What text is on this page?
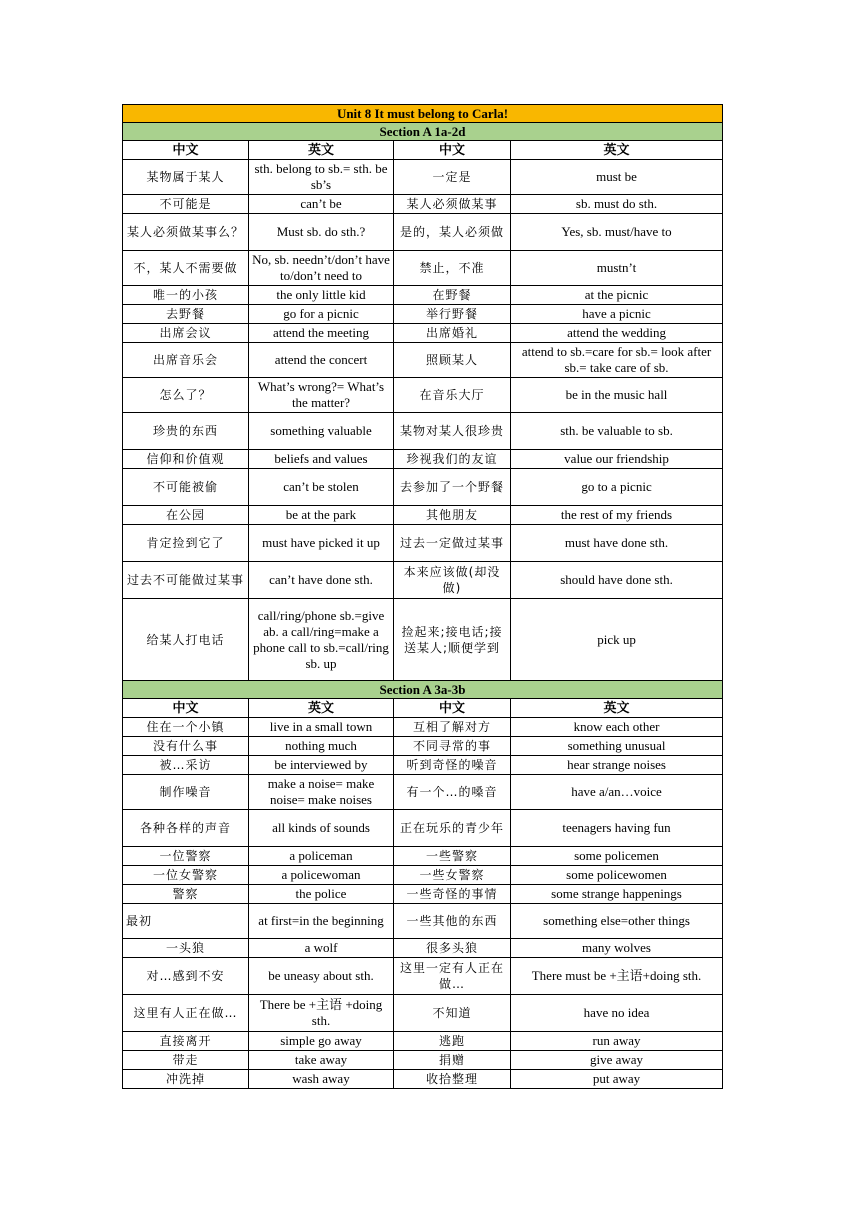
Unit 8 It must belong to Carla!			
Section A 1a-2d			
中文	英文	中文	英文
某物属于某人	sth. belong to sb.= sth. be sb’s	一定是	must be
不可能是	can’t be	某人必须做某事	sb. must do sth.
某人必须做某事么？	Must sb. do sth.?	是的，某人必须做	Yes, sb. must/have to
不，某人不需要做	No, sb. needn’t/don’t have to/don’t need to	禁止，不准	mustn’t
唯一的小孩	the only little kid	在野餐	at the picnic
去野餐	go for a picnic	举行野餐	have a picnic
出席会议	attend the meeting	出席婚礼	attend the wedding
出席音乐会	attend the concert	照顾某人	attend to sb.=care for sb.= look after sb.= take care of sb.
怎么了？	What’s wrong?= What’s the matter?	在音乐大厅	be in the music hall
珍贵的东西	something valuable	某物对某人很珍贵	sth. be valuable to sb.
信仰和价值观	beliefs and values	珍视我们的友谊	value our friendship
不可能被偷	can’t be stolen	去参加了一个野餐	go to a picnic
在公园	be at the park	其他朋友	the rest of my friends
肯定捡到它了	must have picked it up	过去一定做过某事	must have done sth.
过去不可能做过某事	can’t have done sth.	本来应该做(却没做)	should have done sth.
给某人打电话	call/ring/phone sb.=give ab. a call/ring=make a phone call to sb.=call/ring sb. up	捡起来;接电话;接送某人;顺便学到	pick up
Section A 3a-3b			
中文	英文	中文	英文
住在一个小镇	live in a small town	互相了解对方	know each other
没有什么事	nothing much	不同寻常的事	something unusual
被…采访	be interviewed by	听到奇怪的噪音	hear strange noises
制作噪音	make a noise= make noise= make noises	有一个…的嗓音	have a/an…voice
各种各样的声音	all kinds of sounds	正在玩乐的青少年	teenagers having fun
一位警察	a policeman	一些警察	some policemen
一位女警察	a policewoman	一些女警察	some policewomen
警察	the police	一些奇怪的事情	some strange happenings
最初	at first=in the beginning	一些其他的东西	something else=other things
一头狼	a wolf	很多头狼	many wolves
对…感到不安	be uneasy about sth.	这里一定有人正在做…	There must be +主语+doing sth.
这里有人正在做…	There be +主语 +doing sth.	不知道	have no idea
直接离开	simple go away	逃跑	run away
带走	take away	捐赠	give away
冲洗掉	wash away	收拾整理	put away
